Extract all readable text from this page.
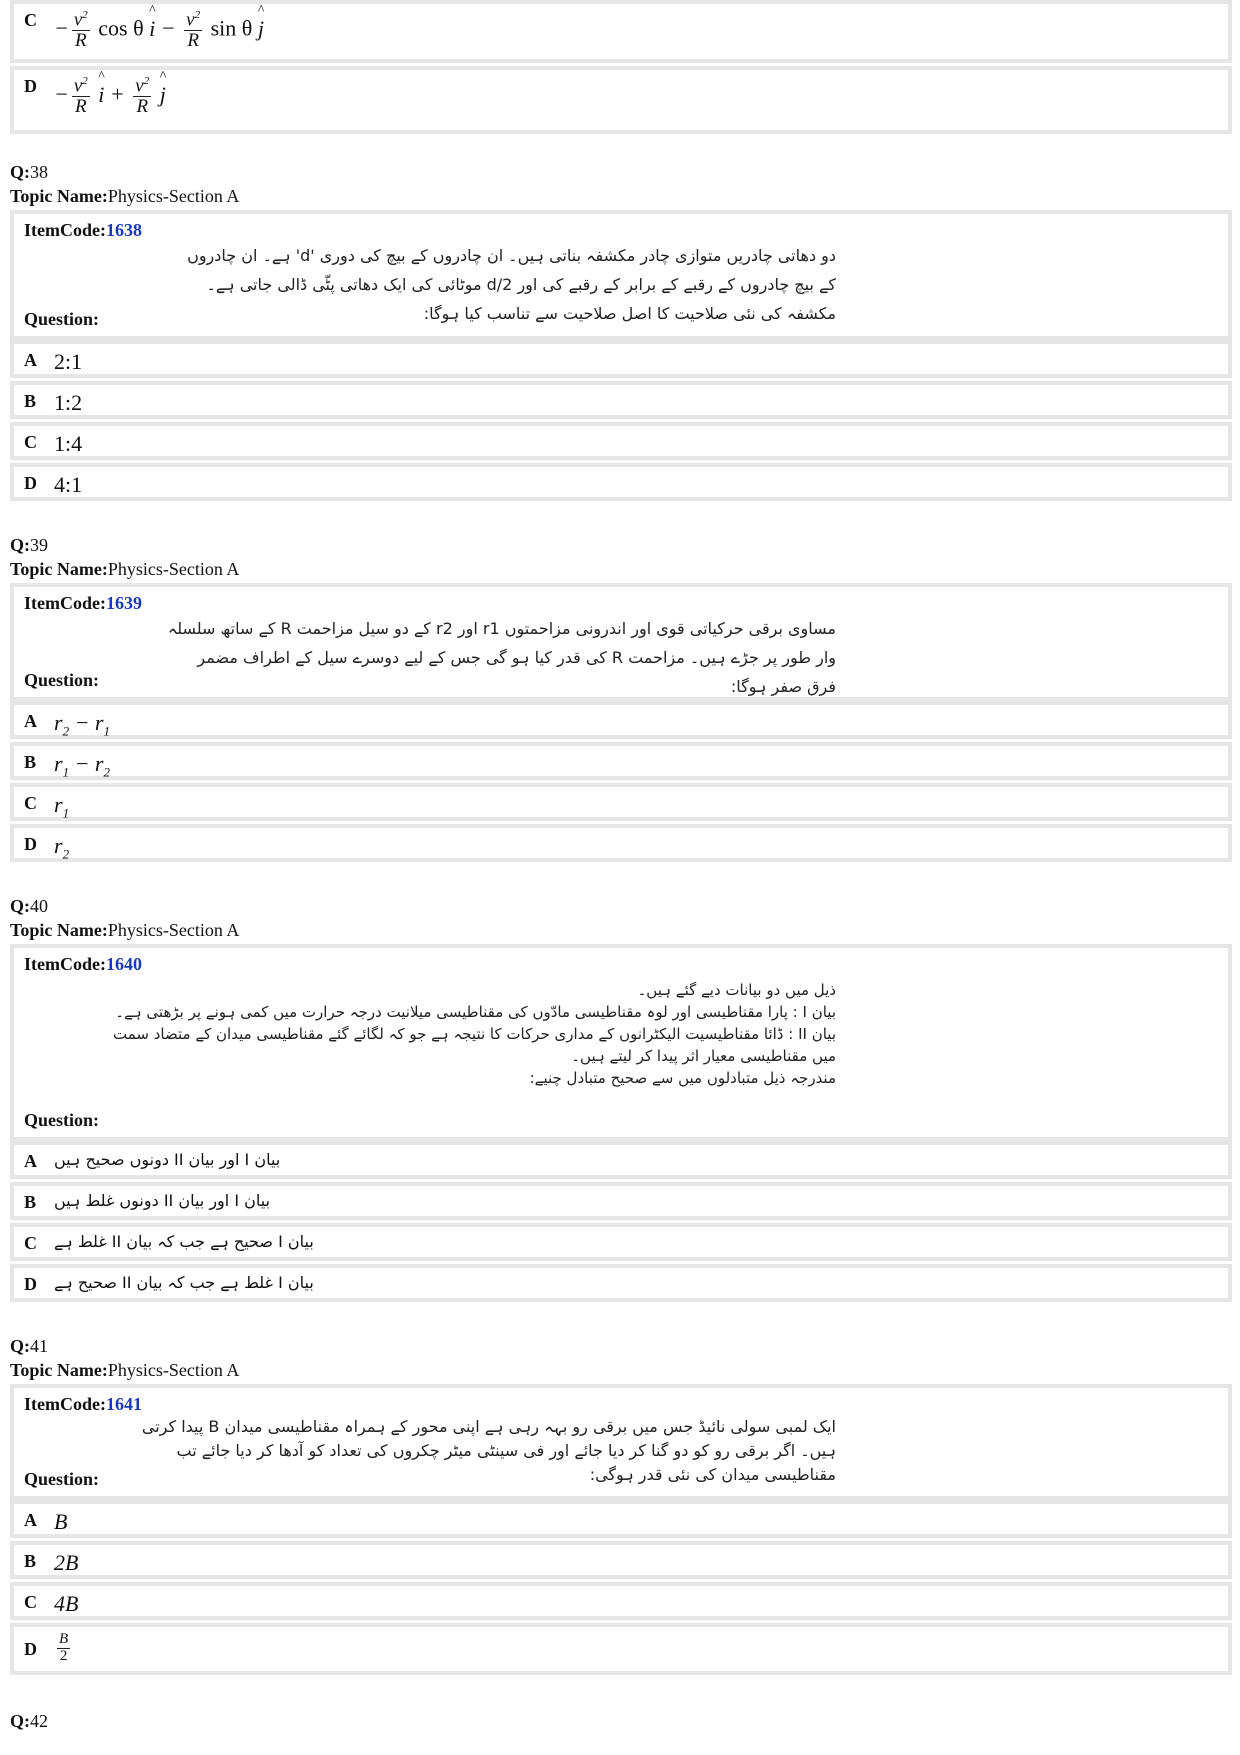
$C - \frac{v^2}{R}$ cos θ ^ $i - \frac{v^2}{R}$ sin θ ^ j
$D - \frac{v^2}{R}$ ^ $i + \frac{v^2}{R}$ ^ j
Q:38
Topic Name:Physics-Section A
ItemCode:1638
دو دھاتی چادریں متوازی چادر مکشفہ بناتی ہیں۔ ان چادروں کے بیچ کی دوری 'd' ہے۔ ان چادروں
کے بیچ چادروں کے رقبے کے برابر کے رقبے کی اور d/2 موٹائی کی ایک دھاتی پٹّی ڈالی جاتی ہے۔
مکشفہ کی نئی صلاحیت کا اصل صلاحیت سے تناسب کیا ہوگا:
Question:
A 2:1
B 1:2
C 1:4
D 4:1
Q:39
Topic Name:Physics-Section A
ItemCode:1639
مساوی برقی حرکیاتی قوی اور اندرونی مزاحمتوں r1 اور r2 کے دو سیل مزاحمت R کے ساتھ سلسلہ
وار طور پر جڑے ہیں۔ مزاحمت R کی قدر کیا ہو گی جس کے لیے دوسرے سیل کے اطراف مضمر
فرق صفر ہوگا:
Question:
A $r_2 - r_1$
B $r_1 - r_2$
C $r_1$
D $r_2$
Q:40
Topic Name:Physics-Section A
ItemCode:1640
ذیل میں دو بیانات دیے گئے ہیں۔
بیان I : پارا مقناطیسی اور لوہ مقناطیسی مادّوں کی مقناطیسی میلانیت درجہ حرارت میں کمی ہونے پر بڑھتی ہے۔
بیان II : ڈائا مقناطیسیت الیکٹرانوں کے مداری حرکات کا نتیجہ ہے جو کہ لگائے گئے مقناطیسی میدان کے متضاد سمت میں مقناطیسی معیار اثر پیدا کر لیتے ہیں۔
مندرجہ ذیل متبادلوں میں سے صحیح متبادل چنیے:
Question:
A	بیان I اور بیان II دونوں صحیح ہیں
B	بیان I اور بیان II دونوں غلط ہیں
C	بیان I صحیح ہے جب کہ بیان II غلط ہے
D	بیان I غلط ہے جب کہ بیان II صحیح ہے
Q:41
Topic Name:Physics-Section A
ItemCode:1641
ایک لمبی سولی نائیڈ جس میں برقی رو بہہ رہی ہے اپنی محور کے ہمراہ مقناطیسی میدان B پیدا کرتی
ہیں۔ اگر برقی رو کو دو گنا کر دیا جائے اور فی سینٹی میٹر چکروں کی تعداد کو آدھا کر دیا جائے تب
مقناطیسی میدان کی نئی قدر ہوگی:
Question:
A B
B 2B
C 4B
D	$\frac{B}{2}$
Q:42
